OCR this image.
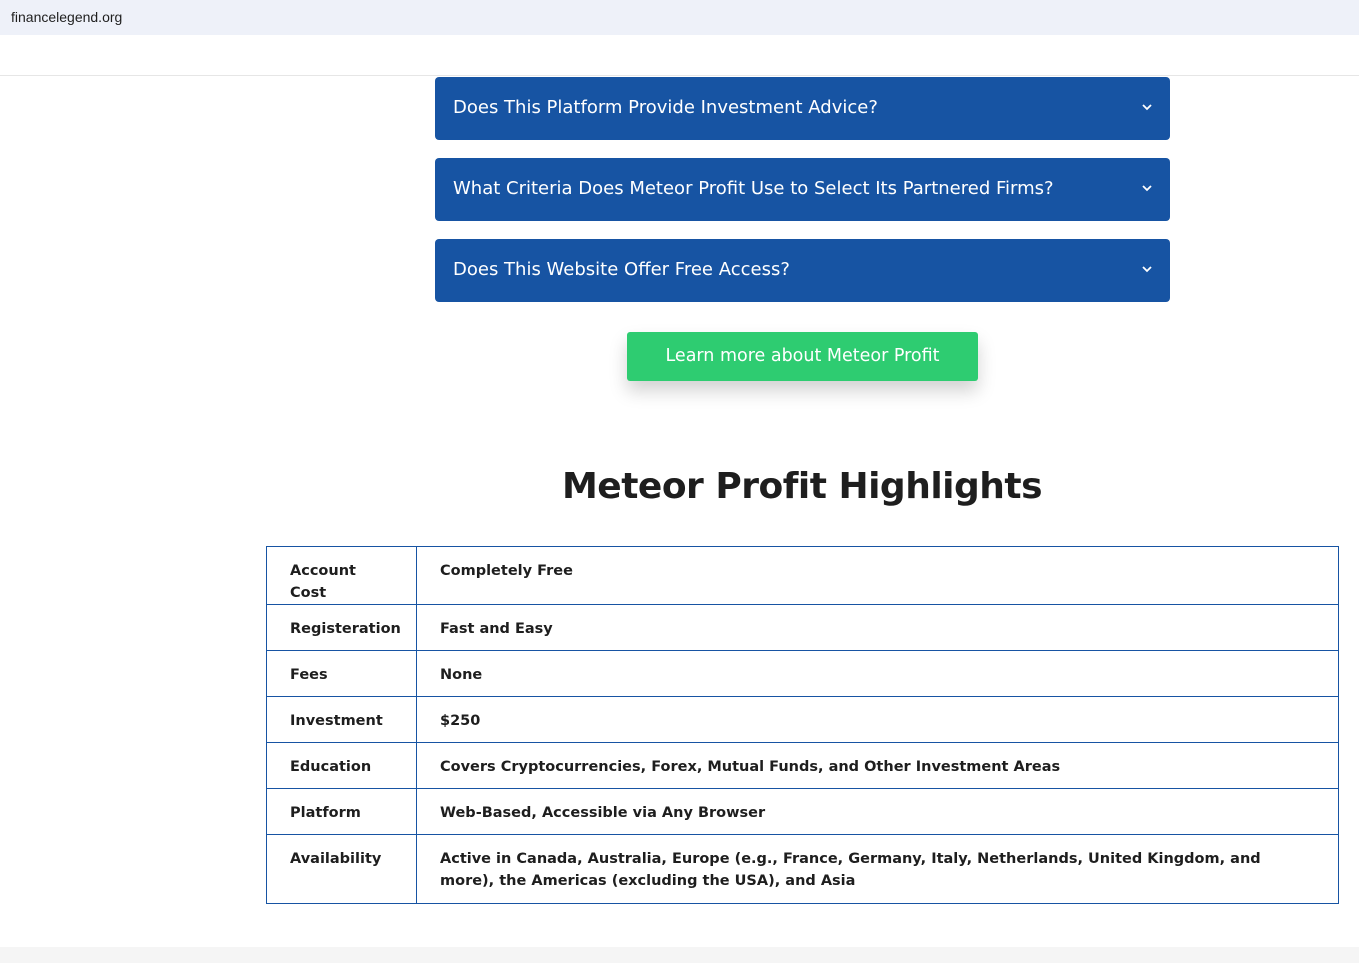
financelegend.org
Does This Platform Provide Investment Advice?
What Criteria Does Meteor Profit Use to Select Its Partnered Firms?
Does This Website Offer Free Access?
Learn more about Meteor Profit
Meteor Profit Highlights
Account Cost	Completely Free
Registeration	Fast and Easy
Fees	None
Investment	$250
Education	Covers Cryptocurrencies, Forex, Mutual Funds, and Other Investment Areas
Platform	Web-Based, Accessible via Any Browser
Availability	Active in Canada, Australia, Europe (e.g., France, Germany, Italy, Netherlands, United Kingdom, and more), the Americas (excluding the USA), and Asia
